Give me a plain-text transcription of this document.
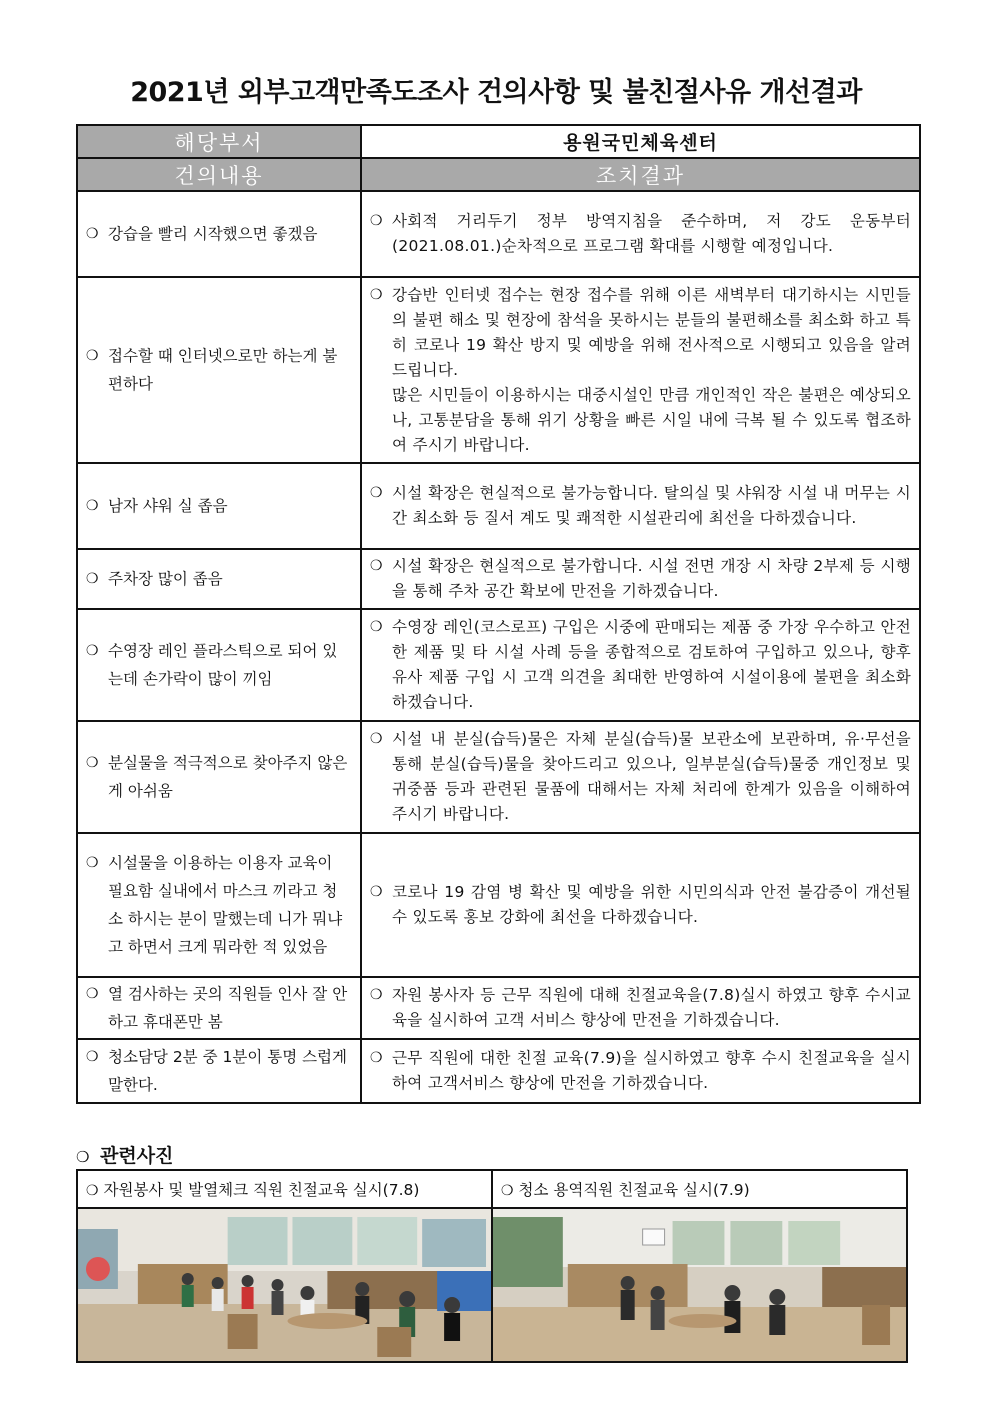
2021년 외부고객만족도조사 건의사항 및 불친절사유 개선결과
해당부서	용원국민체육센터
건의내용	조치결과

❍ 강습을 빨리 시작했으면 좋겠음	❍ 사회적 거리두기 정부 방역지침을 준수하며, 저 강도 운동부터(2021.08.01.)순차적으로 프로그램 확대를 시행할 예정입니다.

❍ 접수할 때 인터넷으로만 하는게 불편하다	❍ 강습반 인터넷 접수는 현장 접수를 위해 이른 새벽부터 대기하시는 시민들의 불편 해소 및 현장에 참석을 못하시는 분들의 불편해소를 최소화 하고 특히 코로나 19 확산 방지 및 예방을 위해 전사적으로 시행되고 있음을 알려 드립니다.
많은 시민들이 이용하시는 대중시설인 만큼 개인적인 작은 불편은 예상되오나, 고통분담을 통해 위기 상황을 빠른 시일 내에 극복 될 수 있도록 협조하여 주시기 바랍니다.

❍ 남자 샤워 실 좁음	❍ 시설 확장은 현실적으로 불가능합니다. 탈의실 및 샤워장 시설 내 머무는 시간 최소화 등 질서 계도 및 쾌적한 시설관리에 최선을 다하겠습니다.

❍ 주차장 많이 좁음	❍ 시설 확장은 현실적으로 불가합니다. 시설 전면 개장 시 차량 2부제 등 시행을 통해 주차 공간 확보에 만전을 기하겠습니다.

❍ 수영장 레인 플라스틱으로 되어 있는데 손가락이 많이 끼임	❍ 수영장 레인(코스로프) 구입은 시중에 판매되는 제품 중 가장 우수하고 안전한 제품 및 타 시설 사례 등을 종합적으로 검토하여 구입하고 있으나, 향후 유사 제품 구입 시 고객 의견을 최대한 반영하여 시설이용에 불편을 최소화 하겠습니다.

❍ 분실물을 적극적으로 찾아주지 않은 게 아쉬움	❍ 시설 내 분실(습득)물은 자체 분실(습득)물 보관소에 보관하며, 유·무선을 통해 분실(습득)물을 찾아드리고 있으나, 일부분실(습득)물중 개인정보 및 귀중품 등과 관련된 물품에 대해서는 자체 처리에 한계가 있음을 이해하여 주시기 바랍니다.

❍ 시설물을 이용하는 이용자 교육이 필요함 실내에서 마스크 끼라고 청소 하시는 분이 말했는데 니가 뭐냐고 하면서 크게 뭐라한 적 있었음	❍ 코로나 19 감염 병 확산 및 예방을 위한 시민의식과 안전 불감증이 개선될 수 있도록 홍보 강화에 최선을 다하겠습니다.

❍ 열 검사하는 곳의 직원들 인사 잘 안하고 휴대폰만 봄	❍ 자원 봉사자 등 근무 직원에 대해 친절교육을(7.8)실시 하였고 향후 수시교육을 실시하여 고객 서비스 향상에 만전을 기하겠습니다.

❍ 청소담당 2분 중 1분이 통명 스럽게 말한다.	❍ 근무 직원에 대한 친절 교육(7.9)을 실시하였고 향후 수시 친절교육을 실시하여 고객서비스 향상에 만전을 기하겠습니다.
❍ 관련사진
❍ 자원봉사 및 발열체크 직원 친절교육 실시(7.8)	❍ 청소 용역직원 친절교육 실시(7.9)
